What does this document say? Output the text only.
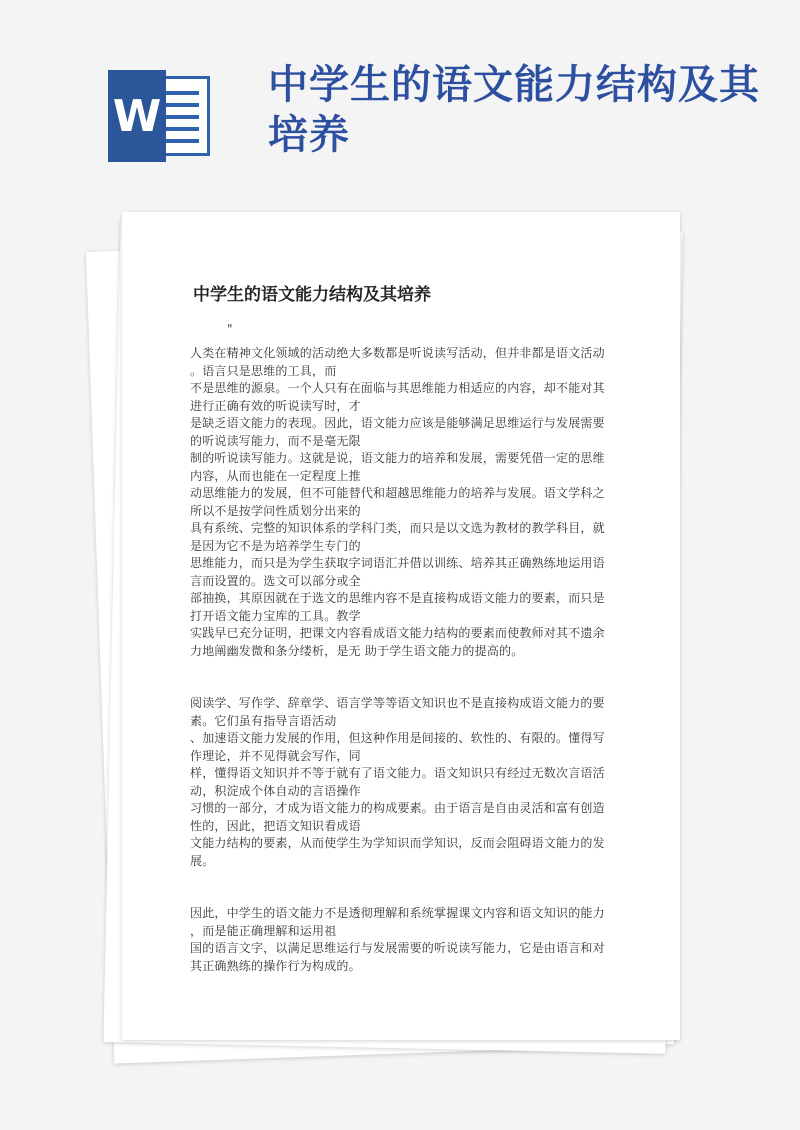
W
中学生的语文能力结构及其培养
中学生的语文能力结构及其培养
"

人类在精神文化领域的活动绝大多数都是听说读写活动，但并非都是语文活动
。语言只是思维的工具，而
不是思维的源泉。一个人只有在面临与其思维能力相适应的内容，却不能对其
进行正确有效的听说读写时，才
是缺乏语文能力的表现。因此，语文能力应该是能够满足思维运行与发展需要
的听说读写能力，而不是毫无限
制的听说读写能力。这就是说，语文能力的培养和发展，需要凭借一定的思维
内容，从而也能在一定程度上推
动思维能力的发展，但不可能替代和超越思维能力的培养与发展。语文学科之
所以不是按学问性质划分出来的
具有系统、完整的知识体系的学科门类，而只是以文选为教材的教学科目，就
是因为它不是为培养学生专门的
思维能力，而只是为学生获取字词语汇并借以训练、培养其正确熟练地运用语
言而设置的。选文可以部分或全
部抽换，其原因就在于选文的思维内容不是直接构成语文能力的要素，而只是
打开语文能力宝库的工具。教学
实践早已充分证明，把课文内容看成语文能力结构的要素而使教师对其不遗余
力地阐幽发微和条分缕析，是无 助于学生语文能力的提高的。

阅读学、写作学、辞章学、语言学等等语文知识也不是直接构成语文能力的要
素。它们虽有指导言语活动
、加速语文能力发展的作用，但这种作用是间接的、软性的、有限的。懂得写
作理论，并不见得就会写作，同
样，懂得语文知识并不等于就有了语文能力。语文知识只有经过无数次言语活
动，积淀成个体自动的言语操作
习惯的一部分，才成为语文能力的构成要素。由于语言是自由灵活和富有创造
性的，因此，把语文知识看成语
文能力结构的要素，从而使学生为学知识而学知识，反而会阻碍语文能力的发
展。

因此，中学生的语文能力不是透彻理解和系统掌握课文内容和语文知识的能力
，而是能正确理解和运用祖
国的语言文字，以满足思维运行与发展需要的听说读写能力，它是由语言和对
其正确熟练的操作行为构成的。
